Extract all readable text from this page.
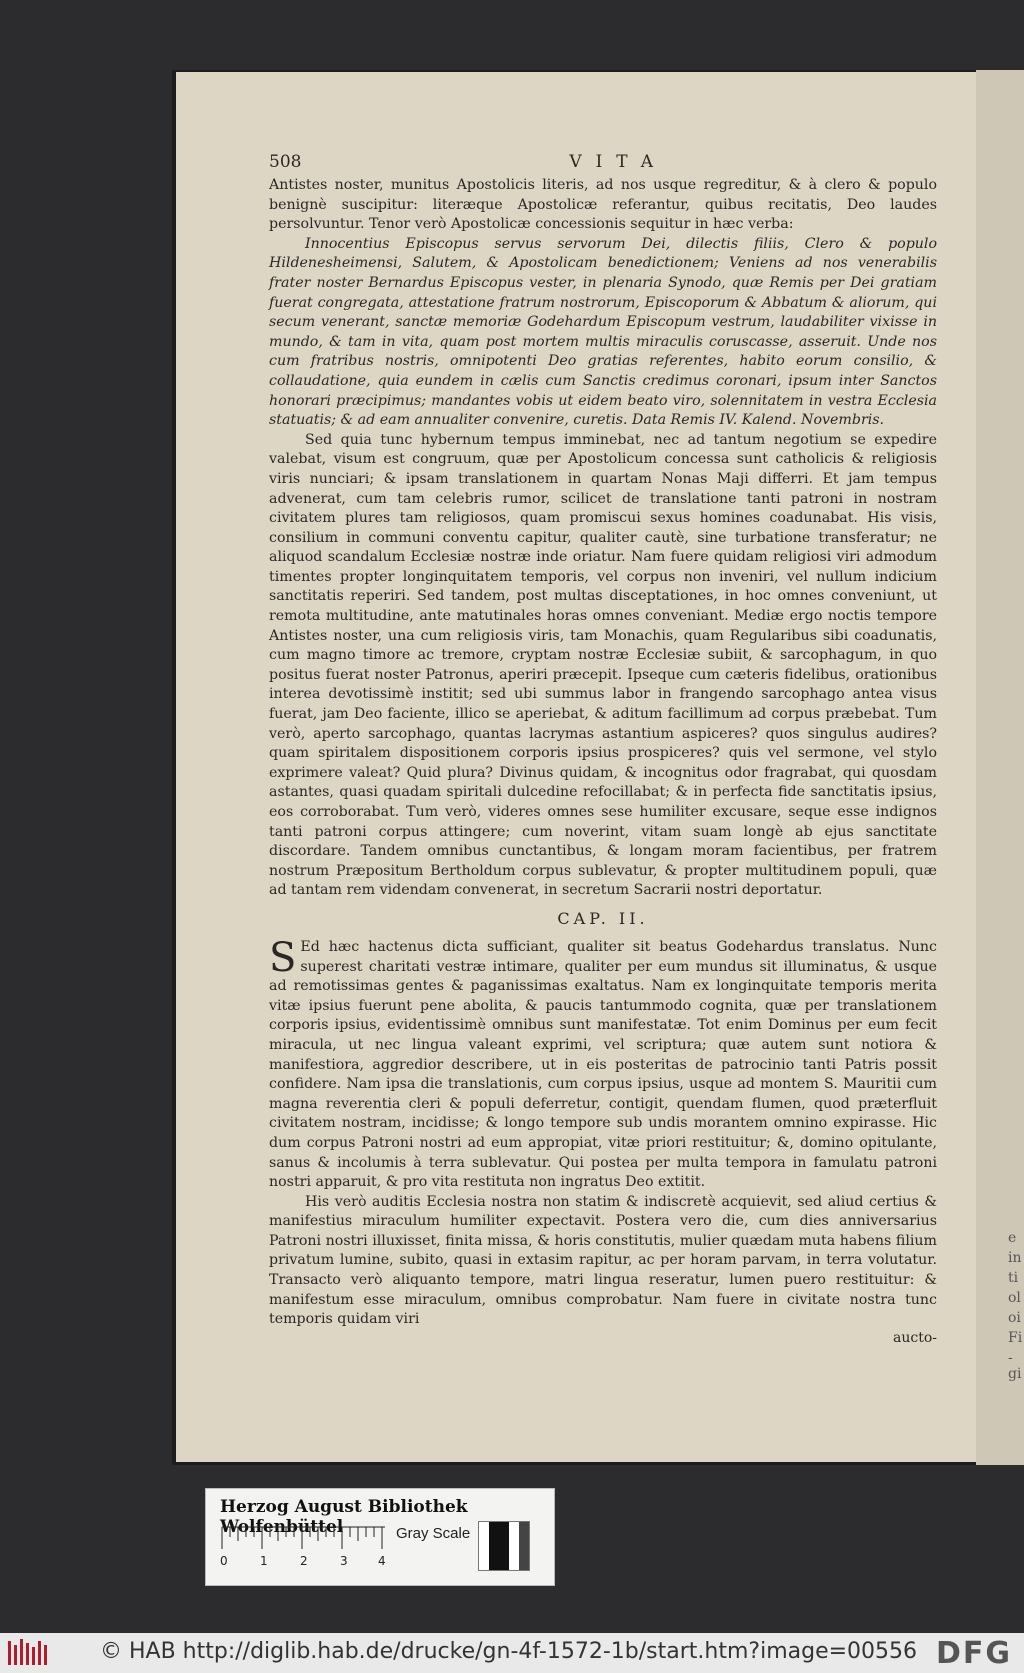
e
in
ti
ol
oi
Fi
-gi
508	VITA

Antistes noster, munitus Apostolicis literis, ad nos usque regreditur, & à clero & populo benignè suscipitur: literæque Apostolicæ referantur, quibus recitatis, Deo laudes persolvuntur. Tenor verò Apostolicæ concessionis sequitur in hæc verba:

Innocentius Episcopus servus servorum Dei, dilectis filiis, Clero & populo Hildenesheimensi, Salutem, & Apostolicam benedictionem; Veniens ad nos venerabilis frater noster Bernardus Episcopus vester, in plenaria Synodo, quæ Remis per Dei gratiam fuerat congregata, attestatione fratrum nostrorum, Episcoporum & Abbatum & aliorum, qui secum venerant, sanctæ memoriæ Godehardum Episcopum vestrum, laudabiliter vixisse in mundo, & tam in vita, quam post mortem multis miraculis coruscasse, asseruit. Unde nos cum fratribus nostris, omnipotenti Deo gratias referentes, habito eorum consilio, & collaudatione, quia eundem in cælis cum Sanctis credimus coronari, ipsum inter Sanctos honorari præcipimus; mandantes vobis ut eidem beato viro, solennitatem in vestra Ecclesia statuatis; & ad eam annualiter convenire, curetis. Data Remis IV. Kalend. Novembris.

Sed quia tunc hybernum tempus imminebat, nec ad tantum negotium se expedire valebat, visum est congruum, quæ per Apostolicum concessa sunt catholicis & religiosis viris nunciari; & ipsam translationem in quartam Nonas Maji differri. Et jam tempus advenerat, cum tam celebris rumor, scilicet de translatione tanti patroni in nostram civitatem plures tam religiosos, quam promiscui sexus homines coadunabat. His visis, consilium in communi conventu capitur, qualiter cautè, sine turbatione transferatur; ne aliquod scandalum Ecclesiæ nostræ inde oriatur. Nam fuere quidam religiosi viri admodum timentes propter longinquitatem temporis, vel corpus non inveniri, vel nullum indicium sanctitatis reperiri. Sed tandem, post multas disceptationes, in hoc omnes conveniunt, ut remota multitudine, ante matutinales horas omnes conveniant. Mediæ ergo noctis tempore Antistes noster, una cum religiosis viris, tam Monachis, quam Regularibus sibi coadunatis, cum magno timore ac tremore, cryptam nostræ Ecclesiæ subiit, & sarcophagum, in quo positus fuerat noster Patronus, aperiri præcepit. Ipseque cum cæteris fidelibus, orationibus interea devotissimè institit; sed ubi summus labor in frangendo sarcophago antea visus fuerat, jam Deo faciente, illico se aperiebat, & aditum facillimum ad corpus præbebat. Tum verò, aperto sarcophago, quantas lacrymas astantium aspiceres? quos singulus audires? quam spiritalem dispositionem corporis ipsius prospiceres? quis vel sermone, vel stylo exprimere valeat? Quid plura? Divinus quidam, & incognitus odor fragrabat, qui quosdam astantes, quasi quadam spiritali dulcedine refocillabat; & in perfecta fide sanctitatis ipsius, eos corroborabat. Tum verò, videres omnes sese humiliter excusare, seque esse indignos tanti patroni corpus attingere; cum noverint, vitam suam longè ab ejus sanctitate discordare. Tandem omnibus cunctantibus, & longam moram facientibus, per fratrem nostrum Præpositum Bertholdum corpus sublevatur, & propter multitudinem populi, quæ ad tantam rem videndam convenerat, in secretum Sacrarii nostri deportatur.

CAP. II.

S Ed hæc hactenus dicta sufficiant, qualiter sit beatus Godehardus translatus. Nunc superest charitati vestræ intimare, qualiter per eum mundus sit illuminatus, & usque ad remotissimas gentes & paganissimas exaltatus. Nam ex longinquitate temporis merita vitæ ipsius fuerunt pene abolita, & paucis tantummodo cognita, quæ per translationem corporis ipsius, evidentissimè omnibus sunt manifestatæ. Tot enim Dominus per eum fecit miracula, ut nec lingua valeant exprimi, vel scriptura; quæ autem sunt notiora & manifestiora, aggredior describere, ut in eis posteritas de patrocinio tanti Patris possit confidere. Nam ipsa die translationis, cum corpus ipsius, usque ad montem S. Mauritii cum magna reverentia cleri & populi deferretur, contigit, quendam flumen, quod præterfluit civitatem nostram, incidisse; & longo tempore sub undis morantem omnino expirasse. Hic dum corpus Patroni nostri ad eum appropiat, vitæ priori restituitur; &, domino opitulante, sanus & incolumis à terra sublevatur. Qui postea per multa tempora in famulatu patroni nostri apparuit, & pro vita restituta non ingratus Deo extitit.

His verò auditis Ecclesia nostra non statim & indiscretè acquievit, sed aliud certius & manifestius miraculum humiliter expectavit. Postera vero die, cum dies anniversarius Patroni nostri illuxisset, finita missa, & horis constitutis, mulier quædam muta habens filium privatum lumine, subito, quasi in extasim rapitur, ac per horam parvam, in terra volutatur. Transacto verò aliquanto tempore, matri lingua reseratur, lumen puero restituitur: & manifestum esse miraculum, omnibus comprobatur. Nam fuere in civitate nostra tunc temporis quidam viri

aucto-
Herzog August Bibliothek Wolfenbüttel
0	1	2	3	4
Gray Scale
© HAB http://diglib.hab.de/drucke/gn-4f-1572-1b/start.htm?image=00556 DFG
